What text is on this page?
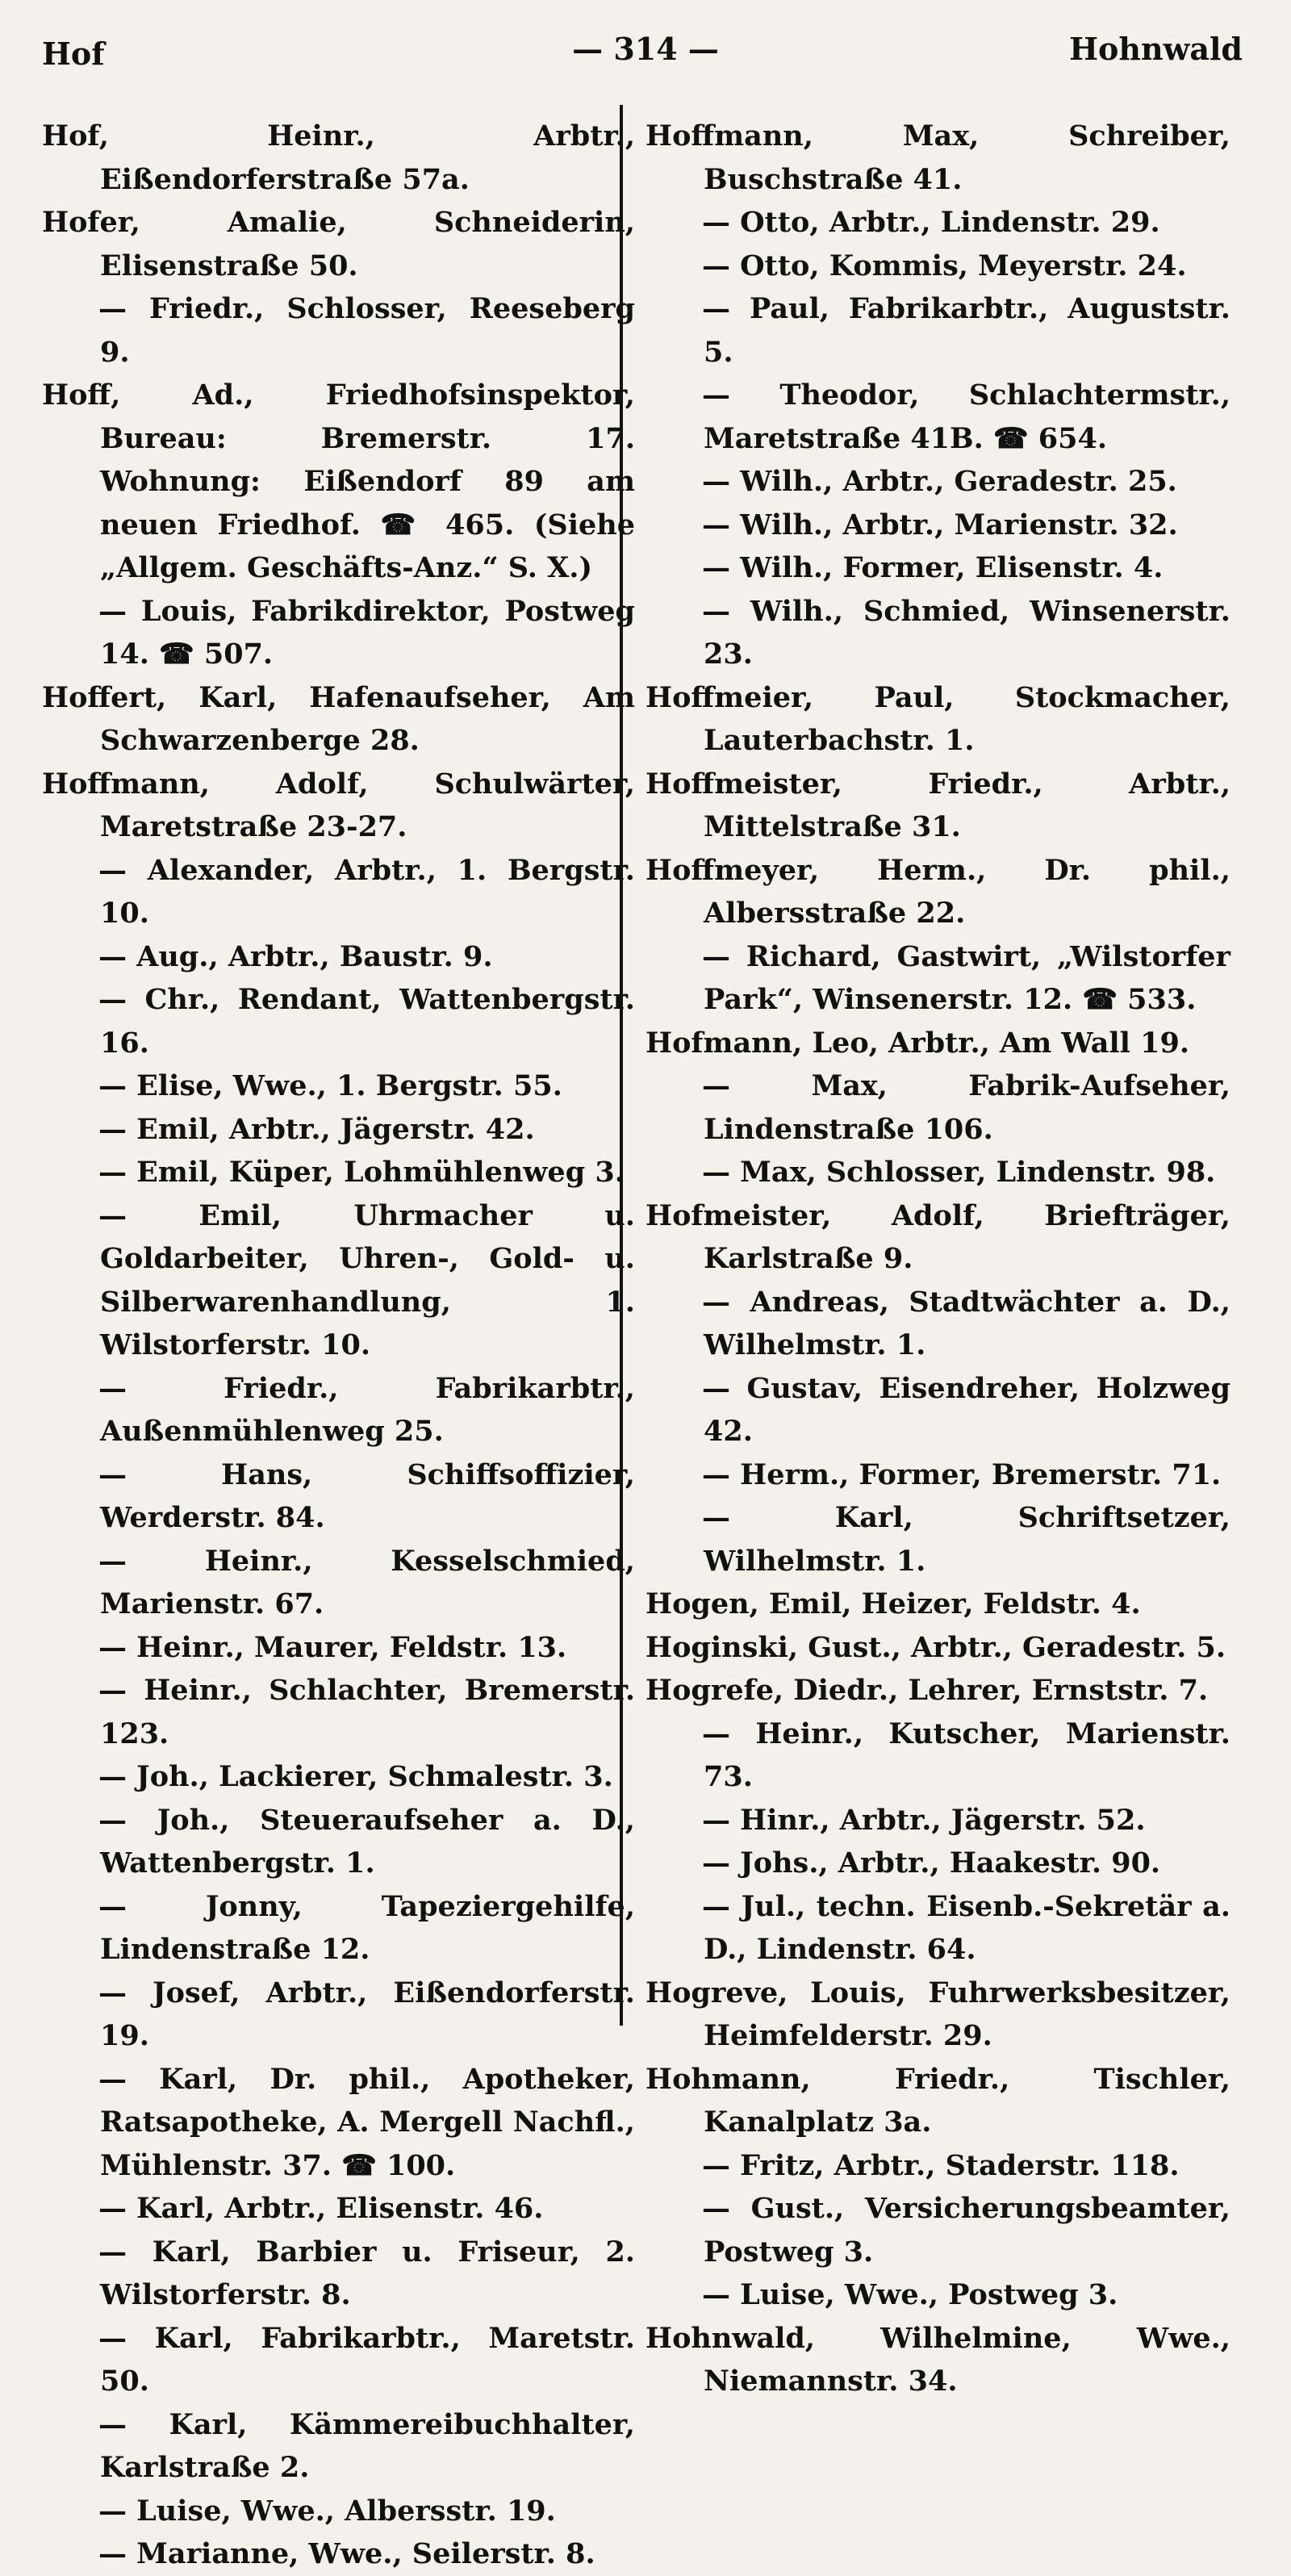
Hof	— 314 —	Hohnwald
Hof, Heinr., Arbtr., Eißendorferstraße 57a.
Hofer, Amalie, Schneiderin, Elisenstraße 50.
— Friedr., Schlosser, Reeseberg 9.
Hoff, Ad., Friedhofsinspektor, Bureau: Bremerstr. 17. Wohnung: Eißendorf 89 am neuen Friedhof. ☎ 465. (Siehe „Allgem. Geschäfts-Anz.“ S. X.)
— Louis, Fabrikdirektor, Postweg 14. ☎ 507.
Hoffert, Karl, Hafenaufseher, Am Schwarzenberge 28.
Hoffmann, Adolf, Schulwärter, Maretstraße 23-27.
— Alexander, Arbtr., 1. Bergstr. 10.
— Aug., Arbtr., Baustr. 9.
— Chr., Rendant, Wattenbergstr. 16.
— Elise, Wwe., 1. Bergstr. 55.
— Emil, Arbtr., Jägerstr. 42.
— Emil, Küper, Lohmühlenweg 3.
— Emil, Uhrmacher u. Goldarbeiter, Uhren-, Gold- u. Silberwarenhandlung, 1. Wilstorferstr. 10.
— Friedr., Fabrikarbtr., Außenmühlenweg 25.
— Hans, Schiffsoffizier, Werderstr. 84.
— Heinr., Kesselschmied, Marienstr. 67.
— Heinr., Maurer, Feldstr. 13.
— Heinr., Schlachter, Bremerstr. 123.
— Joh., Lackierer, Schmalestr. 3.
— Joh., Steueraufseher a. D., Wattenbergstr. 1.
— Jonny, Tapeziergehilfe, Lindenstraße 12.
— Josef, Arbtr., Eißendorferstr. 19.
— Karl, Dr. phil., Apotheker, Ratsapotheke, A. Mergell Nachfl., Mühlenstr. 37. ☎ 100.
— Karl, Arbtr., Elisenstr. 46.
— Karl, Barbier u. Friseur, 2. Wilstorferstr. 8.
— Karl, Fabrikarbtr., Maretstr. 50.
— Karl, Kämmereibuchhalter, Karlstraße 2.
— Luise, Wwe., Albersstr. 19.
— Marianne, Wwe., Seilerstr. 8.
Hoffmann, Max, Schreiber, Buschstraße 41.
— Otto, Arbtr., Lindenstr. 29.
— Otto, Kommis, Meyerstr. 24.
— Paul, Fabrikarbtr., Auguststr. 5.
— Theodor, Schlachtermstr., Maretstraße 41B. ☎ 654.
— Wilh., Arbtr., Geradestr. 25.
— Wilh., Arbtr., Marienstr. 32.
— Wilh., Former, Elisenstr. 4.
— Wilh., Schmied, Winsenerstr. 23.
Hoffmeier, Paul, Stockmacher, Lauterbachstr. 1.
Hoffmeister, Friedr., Arbtr., Mittelstraße 31.
Hoffmeyer, Herm., Dr. phil., Albersstraße 22.
— Richard, Gastwirt, „Wilstorfer Park“, Winsenerstr. 12. ☎ 533.
Hofmann, Leo, Arbtr., Am Wall 19.
— Max, Fabrik-Aufseher, Lindenstraße 106.
— Max, Schlosser, Lindenstr. 98.
Hofmeister, Adolf, Briefträger, Karlstraße 9.
— Andreas, Stadtwächter a. D., Wilhelmstr. 1.
— Gustav, Eisendreher, Holzweg 42.
— Herm., Former, Bremerstr. 71.
— Karl, Schriftsetzer, Wilhelmstr. 1.
Hogen, Emil, Heizer, Feldstr. 4.
Hoginski, Gust., Arbtr., Geradestr. 5.
Hogrefe, Diedr., Lehrer, Ernststr. 7.
— Heinr., Kutscher, Marienstr. 73.
— Hinr., Arbtr., Jägerstr. 52.
— Johs., Arbtr., Haakestr. 90.
— Jul., techn. Eisenb.-Sekretär a. D., Lindenstr. 64.
Hogreve, Louis, Fuhrwerksbesitzer, Heimfelderstr. 29.
Hohmann, Friedr., Tischler, Kanalplatz 3a.
— Fritz, Arbtr., Staderstr. 118.
— Gust., Versicherungsbeamter, Postweg 3.
— Luise, Wwe., Postweg 3.
Hohnwald, Wilhelmine, Wwe., Niemannstr. 34.
